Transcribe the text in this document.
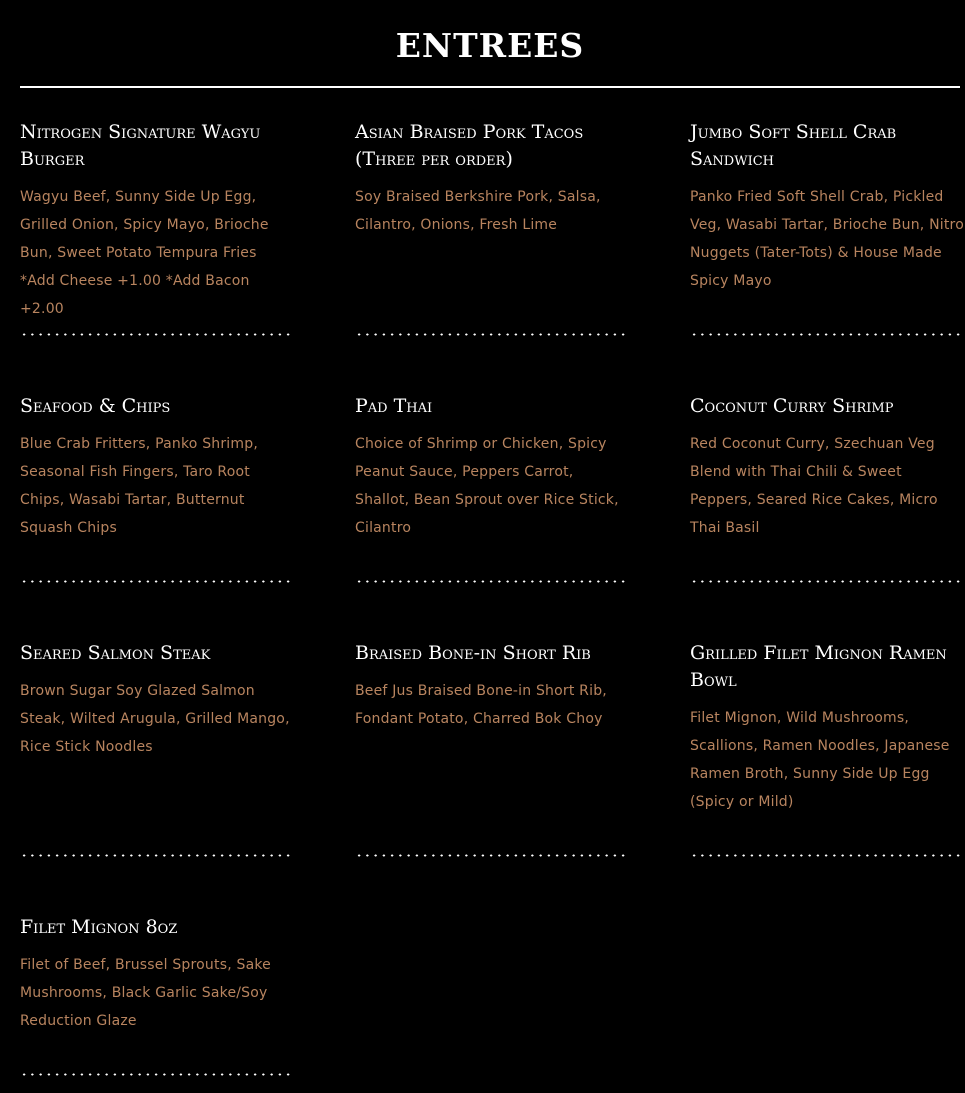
ENTREES
Nitrogen Signature Wagyu Burger

Wagyu Beef, Sunny Side Up Egg, Grilled Onion, Spicy Mayo, Brioche Bun, Sweet Potato Tempura Fries *Add Cheese +1.00 *Add Bacon +2.00

Asian Braised Pork Tacos (Three per order)

Soy Braised Berkshire Pork, Salsa, Cilantro, Onions, Fresh Lime

Jumbo Soft Shell Crab Sandwich

Panko Fried Soft Shell Crab, Pickled Veg, Wasabi Tartar, Brioche Bun, Nitro Nuggets (Tater-Tots) & House Made Spicy Mayo

Seafood & Chips

Blue Crab Fritters, Panko Shrimp, Seasonal Fish Fingers, Taro Root Chips, Wasabi Tartar, Butternut Squash Chips

Pad Thai

Choice of Shrimp or Chicken, Spicy Peanut Sauce, Peppers Carrot, Shallot, Bean Sprout over Rice Stick, Cilantro

Coconut Curry Shrimp

Red Coconut Curry, Szechuan Veg Blend with Thai Chili & Sweet Peppers, Seared Rice Cakes, Micro Thai Basil

Seared Salmon Steak

Brown Sugar Soy Glazed Salmon Steak, Wilted Arugula, Grilled Mango, Rice Stick Noodles

Braised Bone-in Short Rib

Beef Jus Braised Bone-in Short Rib, Fondant Potato, Charred Bok Choy

Grilled Filet Mignon Ramen Bowl

Filet Mignon, Wild Mushrooms, Scallions, Ramen Noodles, Japanese Ramen Broth, Sunny Side Up Egg (Spicy or Mild)

Filet Mignon 8oz

Filet of Beef, Brussel Sprouts, Sake Mushrooms, Black Garlic Sake/Soy Reduction Glaze
